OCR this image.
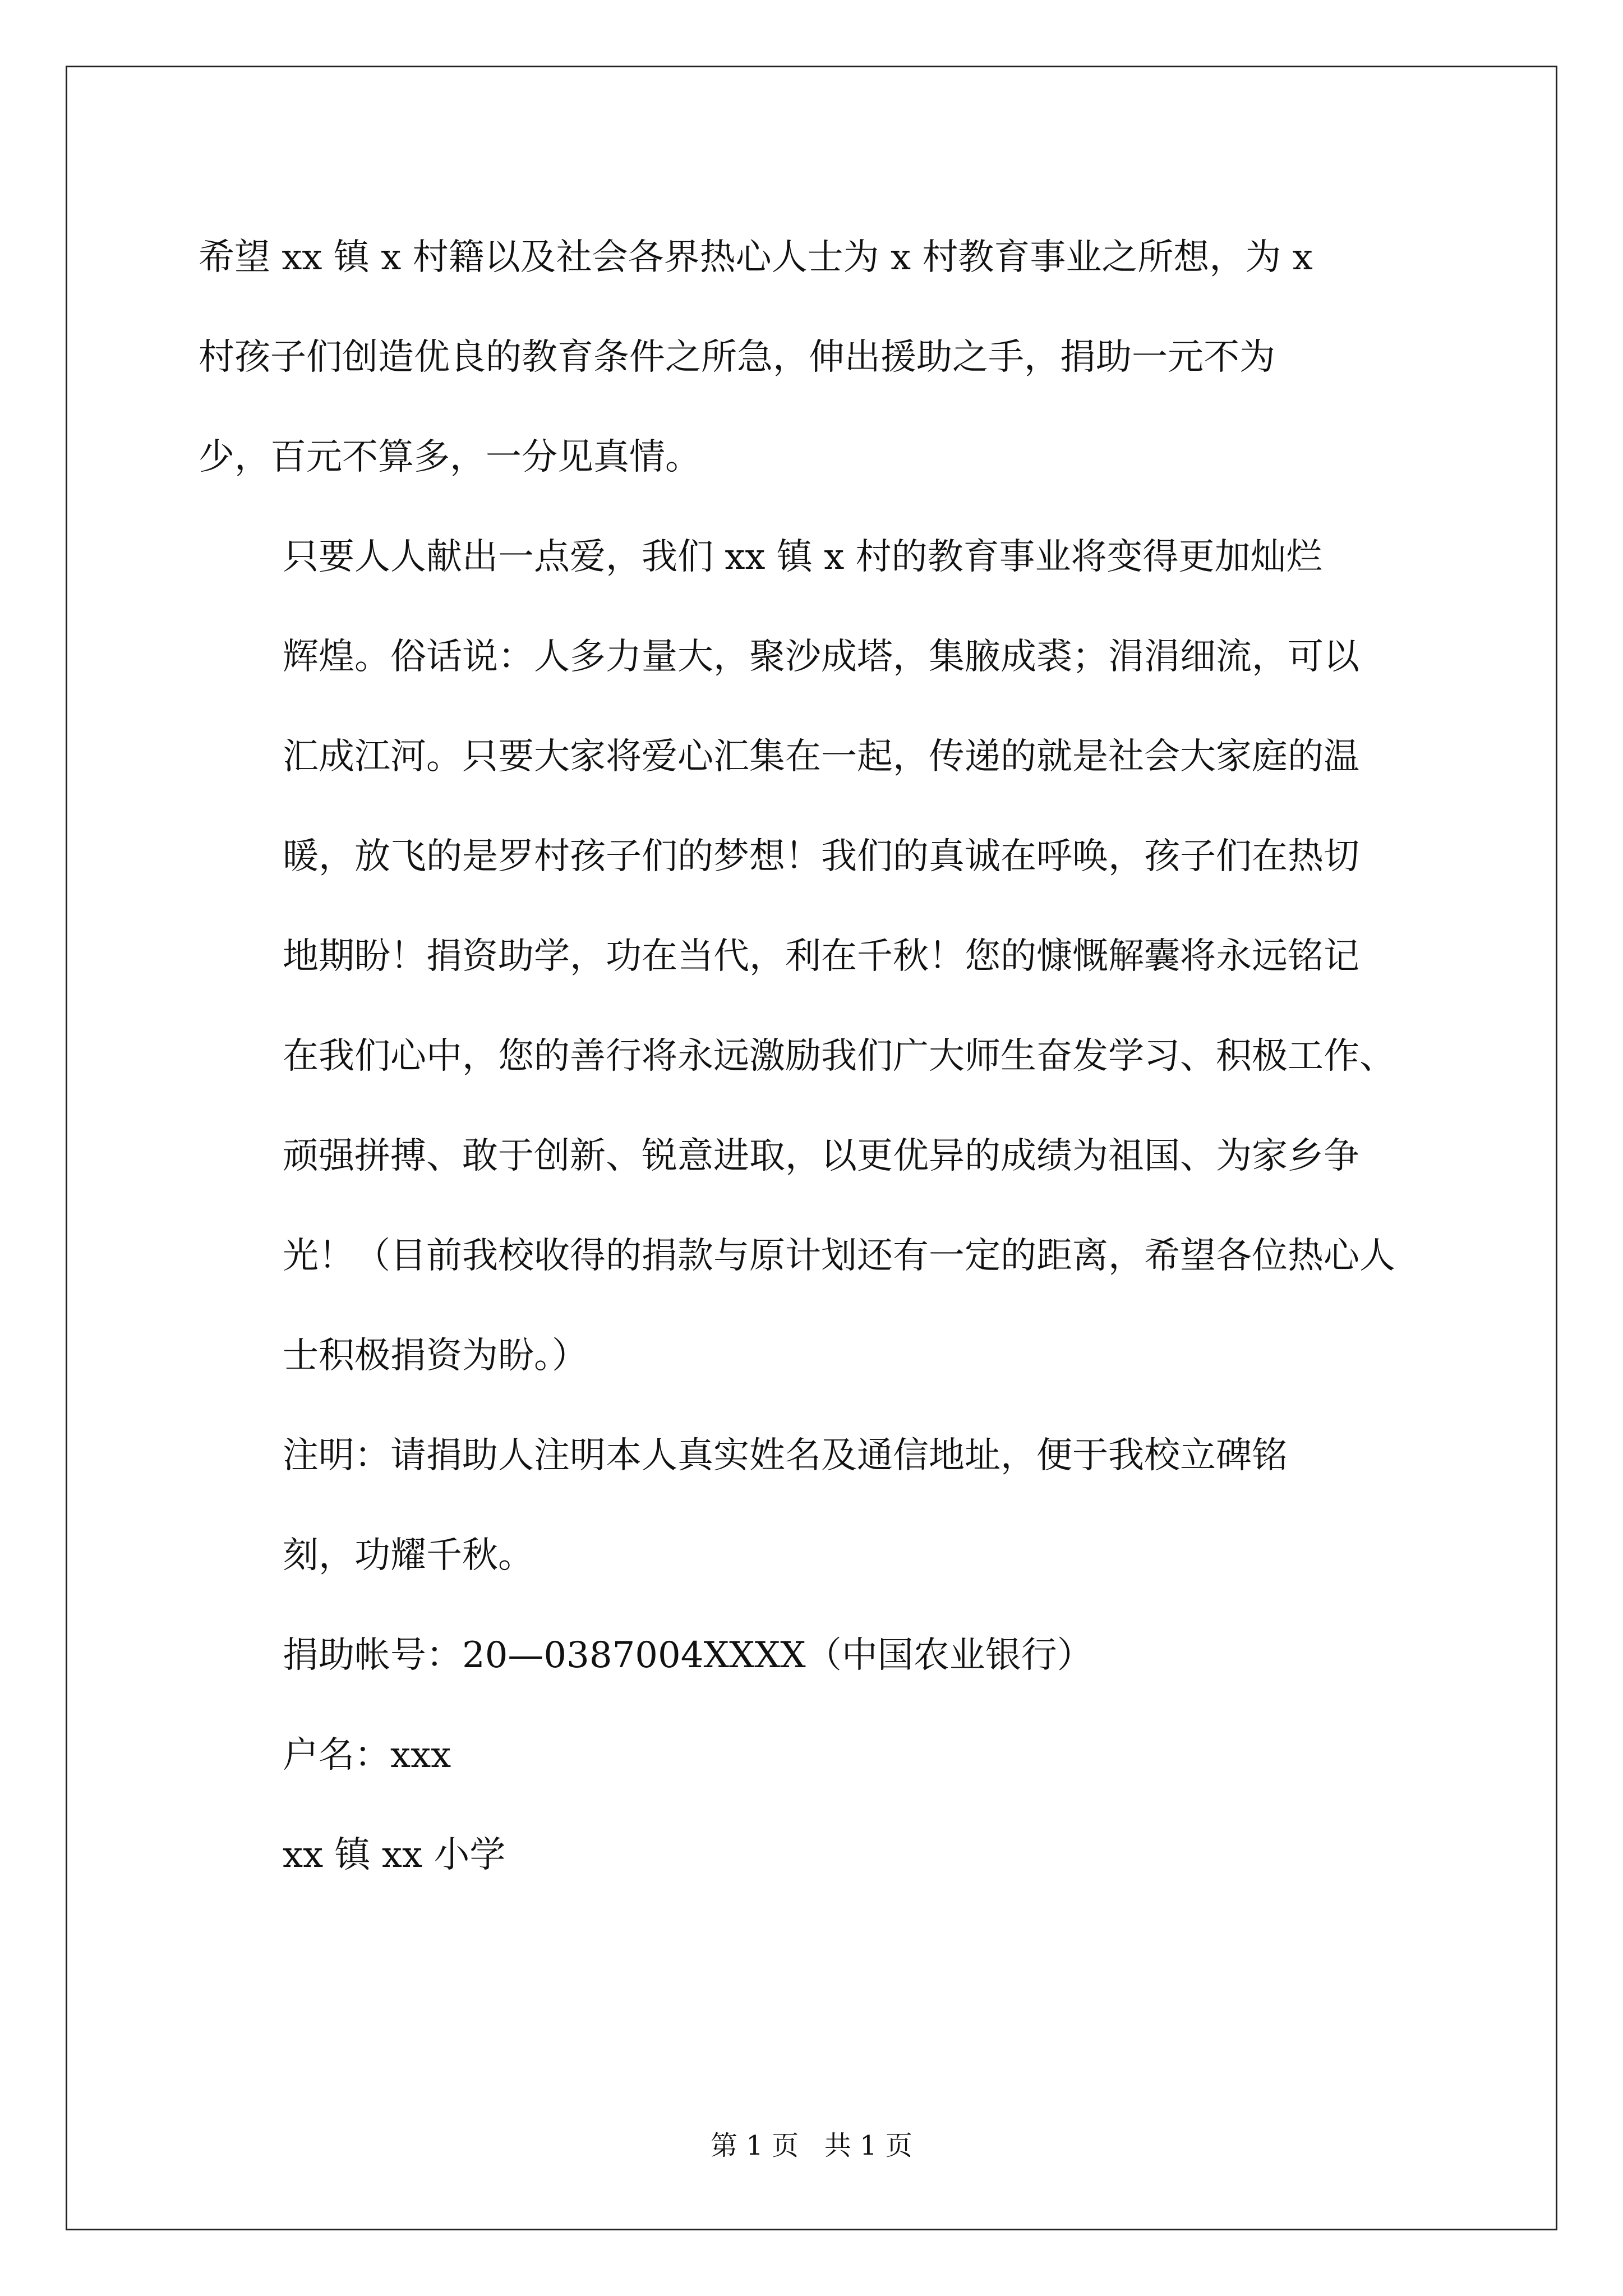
希望 xx 镇 x 村籍以及社会各界热心人士为 x 村教育事业之所想，为 x
村孩子们创造优良的教育条件之所急，伸出援助之手，捐助一元不为
少，百元不算多，一分见真情。
只要人人献出一点爱，我们 xx 镇 x 村的教育事业将变得更加灿烂
辉煌。俗话说：人多力量大，聚沙成塔，集腋成裘；涓涓细流，可以
汇成江河。只要大家将爱心汇集在一起，传递的就是社会大家庭的温
暖，放飞的是罗村孩子们的梦想！我们的真诚在呼唤，孩子们在热切
地期盼！捐资助学，功在当代，利在千秋！您的慷慨解囊将永远铭记
在我们心中，您的善行将永远激励我们广大师生奋发学习、积极工作、
顽强拼搏、敢于创新、锐意进取，以更优异的成绩为祖国、为家乡争
光！（目前我校收得的捐款与原计划还有一定的距离，希望各位热心人
士积极捐资为盼。）
注明：请捐助人注明本人真实姓名及通信地址，便于我校立碑铭
刻，功耀千秋。
捐助帐号：20—0387004XXXX（中国农业银行）
户名：xxx
xx 镇 xx 小学
第 1 页   共 1 页
